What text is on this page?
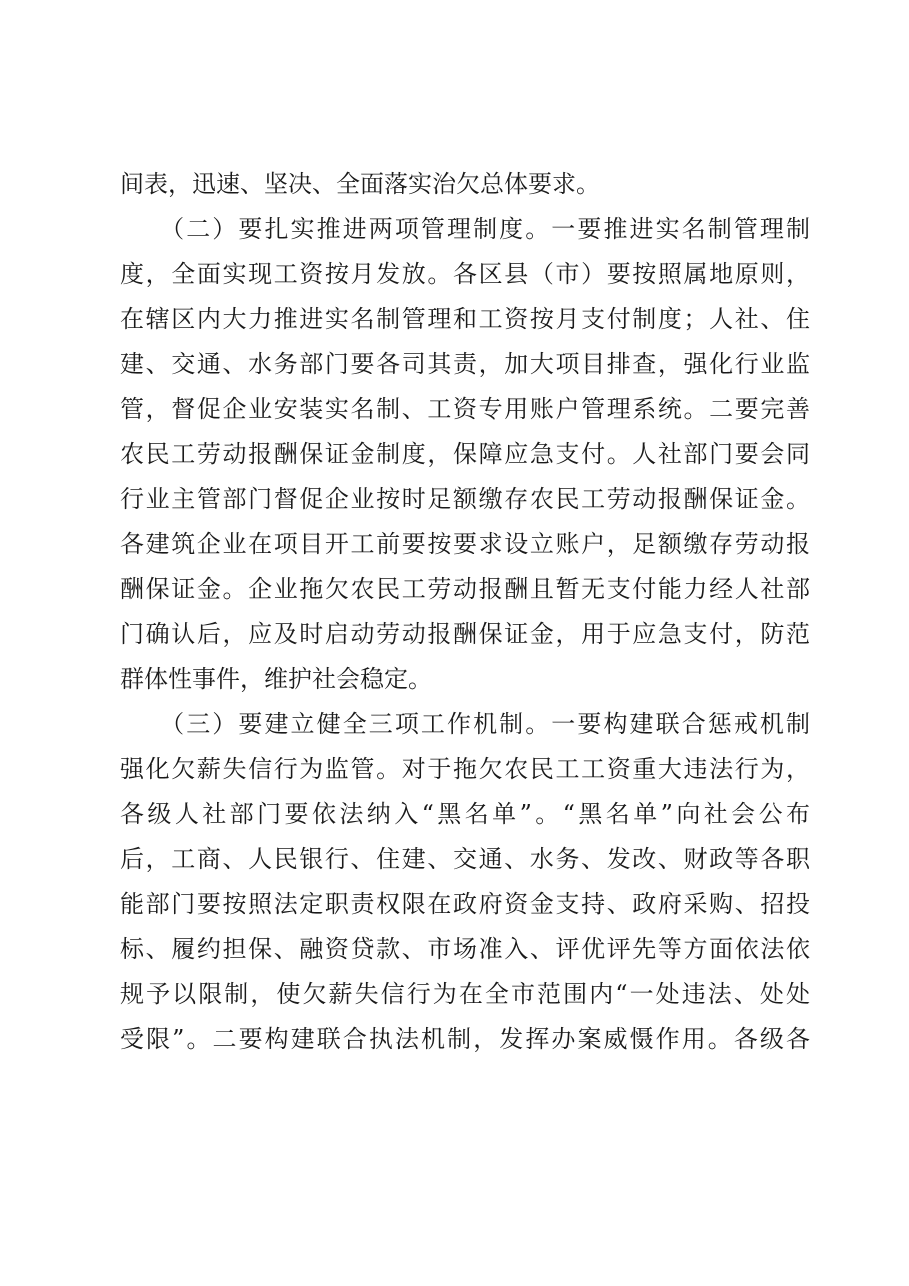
间表，迅速、坚决、全面落实治欠总体要求。
　　（二）要扎实推进两项管理制度。一要推进实名制管理制
度，全面实现工资按月发放。各区县（市）要按照属地原则，
在辖区内大力推进实名制管理和工资按月支付制度；人社、住
建、交通、水务部门要各司其责，加大项目排查，强化行业监
管，督促企业安装实名制、工资专用账户管理系统。二要完善
农民工劳动报酬保证金制度，保障应急支付。人社部门要会同
行业主管部门督促企业按时足额缴存农民工劳动报酬保证金。
各建筑企业在项目开工前要按要求设立账户，足额缴存劳动报
酬保证金。企业拖欠农民工劳动报酬且暂无支付能力经人社部
门确认后，应及时启动劳动报酬保证金，用于应急支付，防范
群体性事件，维护社会稳定。
　　（三）要建立健全三项工作机制。一要构建联合惩戒机制
强化欠薪失信行为监管。对于拖欠农民工工资重大违法行为，
各级人社部门要依法纳入“黑名单”。“黑名单”向社会公布
后，工商、人民银行、住建、交通、水务、发改、财政等各职
能部门要按照法定职责权限在政府资金支持、政府采购、招投
标、履约担保、融资贷款、市场准入、评优评先等方面依法依
规予以限制，使欠薪失信行为在全市范围内“一处违法、处处
受限”。二要构建联合执法机制，发挥办案威慑作用。各级各
